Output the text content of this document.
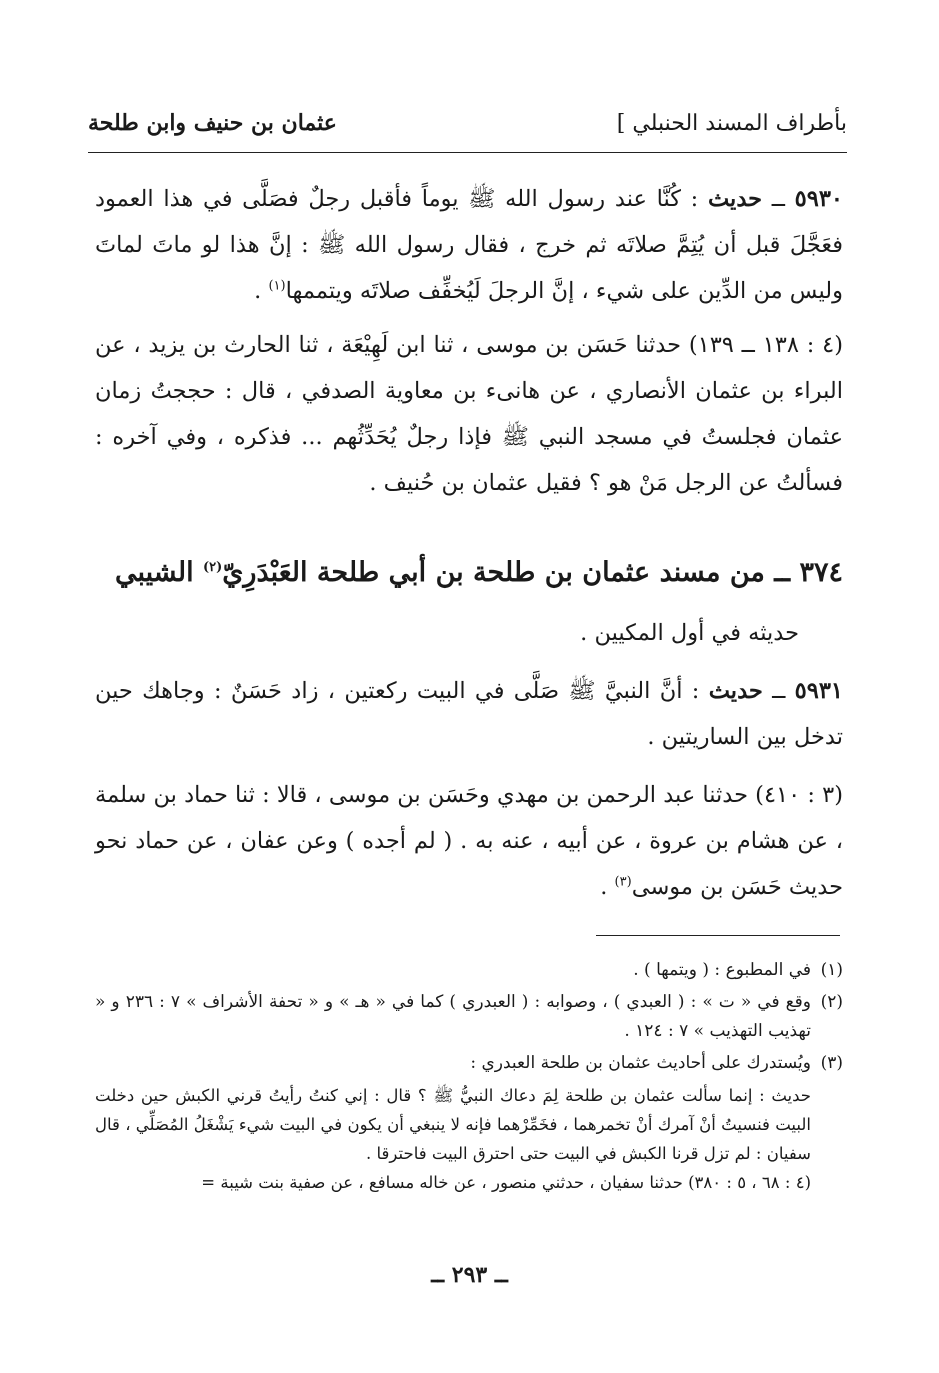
عثمان بن حنيف وابن طلحة	بأطراف المسند الحنبلي ]
٥٩٣٠ ــ حديث : كُنَّا عند رسول الله ﷺ يوماً فأقبل رجلٌ فصَلَّى في هذا العمود فعَجَّلَ قبل أن يُتِمَّ صلاتَه ثم خرج ، فقال رسول الله ﷺ : إنَّ هذا لو ماتَ لماتَ وليس من الدِّين على شيء ، إنَّ الرجلَ لَيُخفِّف صلاتَه ويتممها$^{(١)}$ .
(٤ : ١٣٨ ــ ١٣٩) حدثنا حَسَن بن موسى ، ثنا ابن لَهِيْعَة ، ثنا الحارث بن يزيد ، عن البراء بن عثمان الأنصاري ، عن هانىء بن معاوية الصدفي ، قال : حججتُ زمان عثمان فجلستُ في مسجد النبي ﷺ فإذا رجلٌ يُحَدِّثُهم ... فذكره ، وفي آخره : فسألتُ عن الرجل مَنْ هو ؟ فقيل عثمان بن حُنيف .
٣٧٤ ــ من مسند عثمان بن طلحة بن أبي طلحة العَبْدَرِيّ$^{(٢)}$ الشيبي
حديثه في أول المكيين .
٥٩٣١ ــ حديث : أنَّ النبيَّ ﷺ صَلَّى في البيت ركعتين ، زاد حَسَنٌ : وجاهك حين تدخل بين الساريتين .
(٣ : ٤١٠) حدثنا عبد الرحمن بن مهدي وحَسَن بن موسى ، قالا : ثنا حماد بن سلمة ، عن هشام بن عروة ، عن أبيه ، عنه به . ( لم أجده ) وعن عفان ، عن حماد نحو حديث حَسَن بن موسى$^{(٣)}$ .
(١)
في المطبوع : ( ويتمها ) .
(٢)
وقع في « ت » : ( العبدي ) ، وصوابه : ( العبدري ) كما في « هـ » و « تحفة الأشراف » ٧ : ٢٣٦ و « تهذيب التهذيب » ٧ : ١٢٤ .
(٣)
ويُستدرك على أحاديث عثمان بن طلحة العبدري :
حديث : إنما سألت عثمان بن طلحة لِمَ دعاك النبيُّ ﷺ ؟ قال : إني كنتُ رأيتُ قرني الكبش حين دخلت البيت فنسيتُ أنْ آمرك أنْ تخمرهما ، فخَمِّرْهما فإنه لا ينبغي أن يكون في البيت شيء يَشْغَلُ المُصَلِّي ، قال سفيان : لم تزل قرنا الكبش في البيت حتى احترق البيت فاحترقا .
(٤ : ٦٨ ، ٥ : ٣٨٠) حدثنا سفيان ، حدثني منصور ، عن خاله مسافع ، عن صفية بنت شيبة =
ــ ٢٩٣ ــ
